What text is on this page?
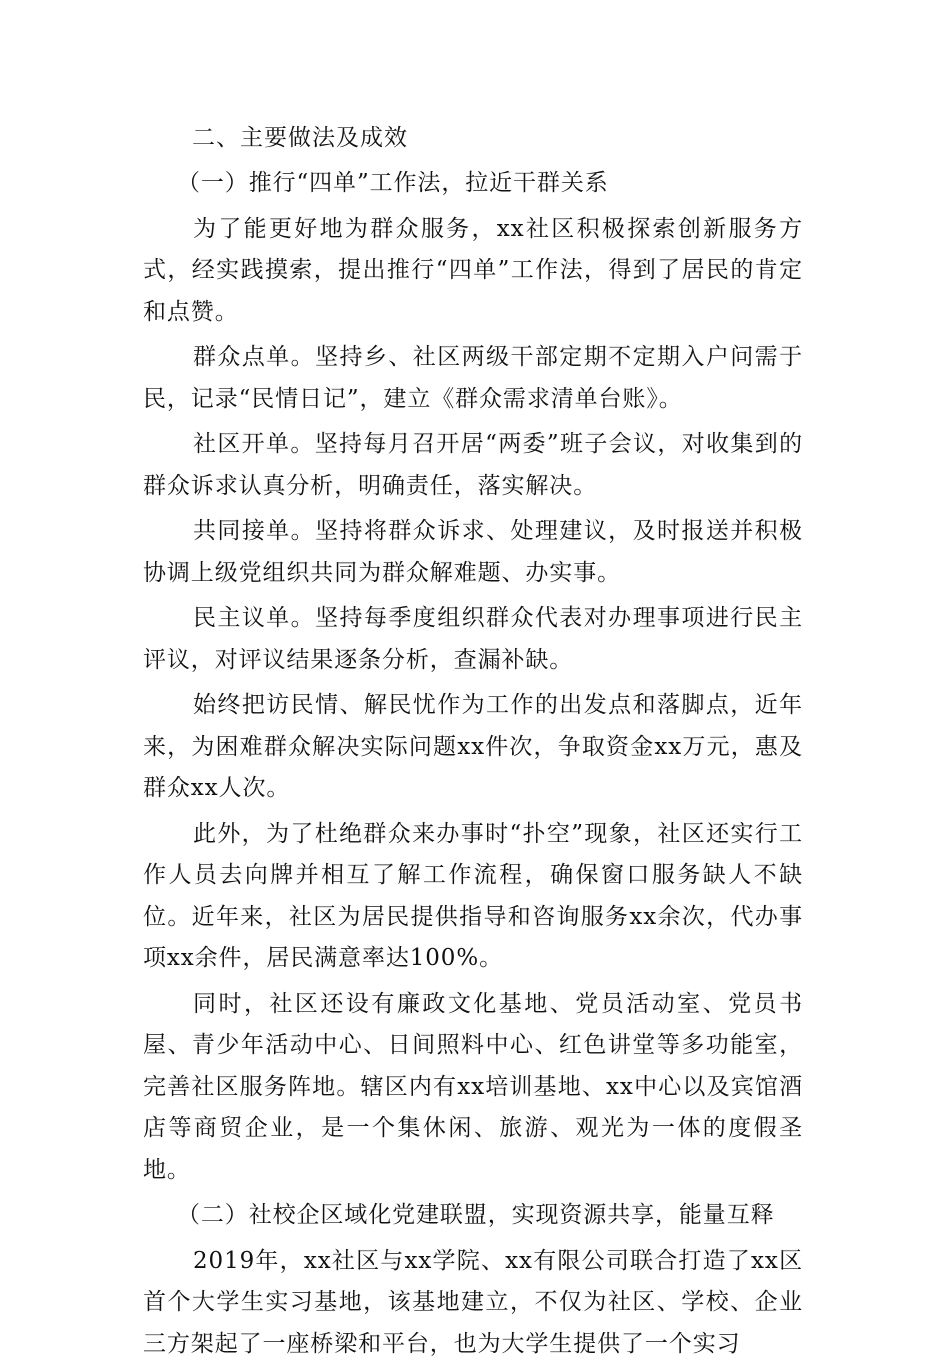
二、主要做法及成效

（一）推行“四单”工作法，拉近干群关系

为了能更好地为群众服务，xx社区积极探索创新服务方式，经实践摸索，提出推行“四单”工作法，得到了居民的肯定和点赞。

群众点单。坚持乡、社区两级干部定期不定期入户问需于民，记录“民情日记”，建立《群众需求清单台账》。

社区开单。坚持每月召开居“两委”班子会议，对收集到的群众诉求认真分析，明确责任，落实解决。

共同接单。坚持将群众诉求、处理建议，及时报送并积极协调上级党组织共同为群众解难题、办实事。

民主议单。坚持每季度组织群众代表对办理事项进行民主评议，对评议结果逐条分析，查漏补缺。

始终把访民情、解民忧作为工作的出发点和落脚点，近年来，为困难群众解决实际问题xx件次，争取资金xx万元，惠及群众xx人次。

此外，为了杜绝群众来办事时“扑空”现象，社区还实行工作人员去向牌并相互了解工作流程，确保窗口服务缺人不缺位。近年来，社区为居民提供指导和咨询服务xx余次，代办事项xx余件，居民满意率达100%。

同时，社区还设有廉政文化基地、党员活动室、党员书屋、青少年活动中心、日间照料中心、红色讲堂等多功能室，完善社区服务阵地。辖区内有xx培训基地、xx中心以及宾馆酒店等商贸企业，是一个集休闲、旅游、观光为一体的度假圣地。

（二）社校企区域化党建联盟，实现资源共享，能量互释

2019年，xx社区与xx学院、xx有限公司联合打造了xx区首个大学生实习基地，该基地建立，不仅为社区、学校、企业三方架起了一座桥梁和平台，也为大学生提供了一个实习
